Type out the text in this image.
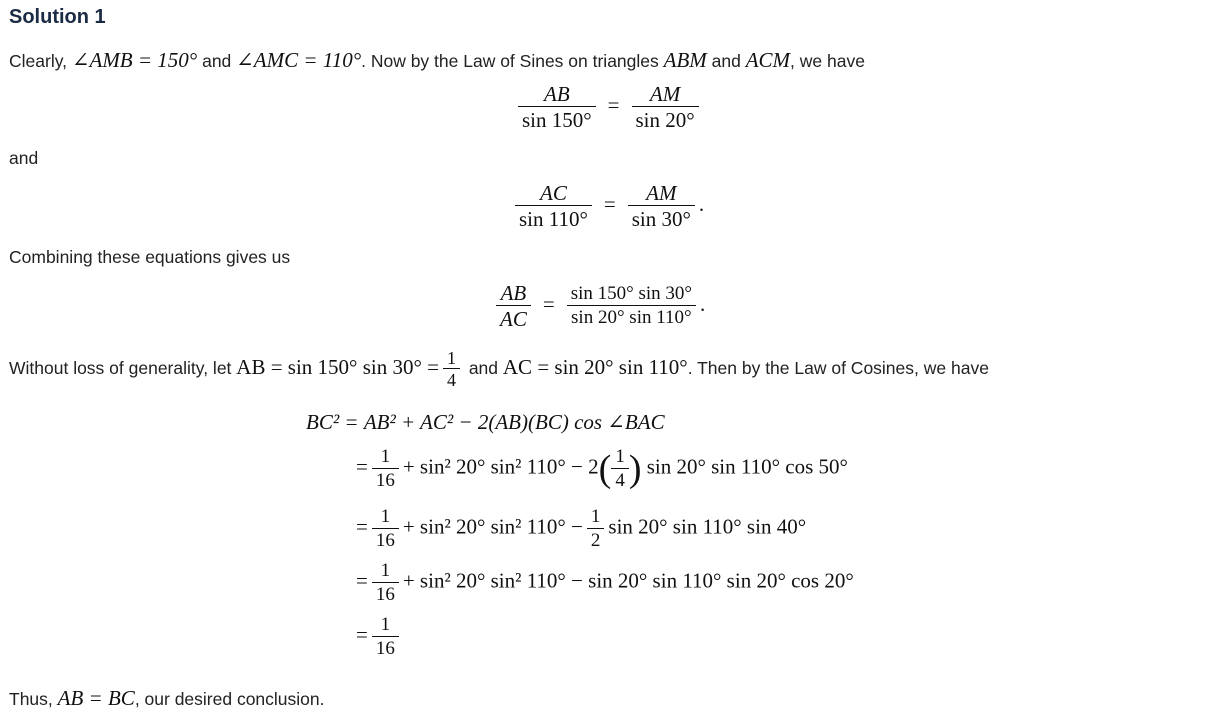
Solution 1
Clearly, ∠AMB = 150° and ∠AMC = 110°. Now by the Law of Sines on triangles ABM and ACM, we have
$\frac{AB}{\sin 150^\circ} = \frac{AM}{\sin 20^\circ}$
and
$\frac{AC}{\sin 110^\circ} = \frac{AM}{\sin 30^\circ}$ .
Combining these equations gives us
$\frac{AB}{AC} = \frac{\sin 150^\circ \sin 30^\circ}{\sin 20^\circ \sin 110^\circ}$ .
Without loss of generality, let AB = sin 150° $\sin 30^\circ = \frac{1}{4}$ and AC = sin 20° sin 110°. Then by the Law of Cosines, we have
BC² = AB² + AC² − 2(AB)(BC) cos ∠BAC
= $\frac{1}{16} + \sin^2$ 20° sin² $110^\circ - 2( \frac{1}{4}$ ) sin 20° sin 110° cos 50°
= $\frac{1}{16} + \sin^2$ 20° sin² $110^\circ - \frac{1}{2}$ sin 20° sin 110° sin 40°
= $\frac{1}{16} + \sin^2$ 20° sin² 110° − sin 20° sin 110° sin 20° cos 20°
= $\frac{1}{16}$
Thus, AB = BC, our desired conclusion.
